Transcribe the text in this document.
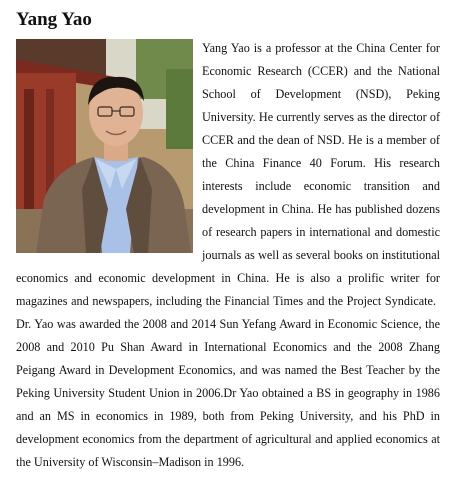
Yang Yao

Yang Yao is a professor at the China Center for

Economic Research (CCER) and the National

School of Development (NSD), Peking

University. He currently serves as the director of

CCER and the dean of NSD. He is a member of

the China Finance 40 Forum. His research

interests include economic transition and

development in China. He has published dozens

of research papers in international and domestic

journals as well as several books on institutional

economics and economic development in China. He is also a prolific writer for

magazines and newspapers, including the Financial Times and the Project Syndicate.

Dr. Yao was awarded the 2008 and 2014 Sun Yefang Award in Economic Science, the

2008 and 2010 Pu Shan Award in International Economics and the 2008 Zhang

Peigang Award in Development Economics, and was named the Best Teacher by the

Peking University Student Union in 2006.Dr Yao obtained a BS in geography in 1986

and an MS in economics in 1989, both from Peking University, and his PhD in

development economics from the department of agricultural and applied economics at

the University of Wisconsin–Madison in 1996.
